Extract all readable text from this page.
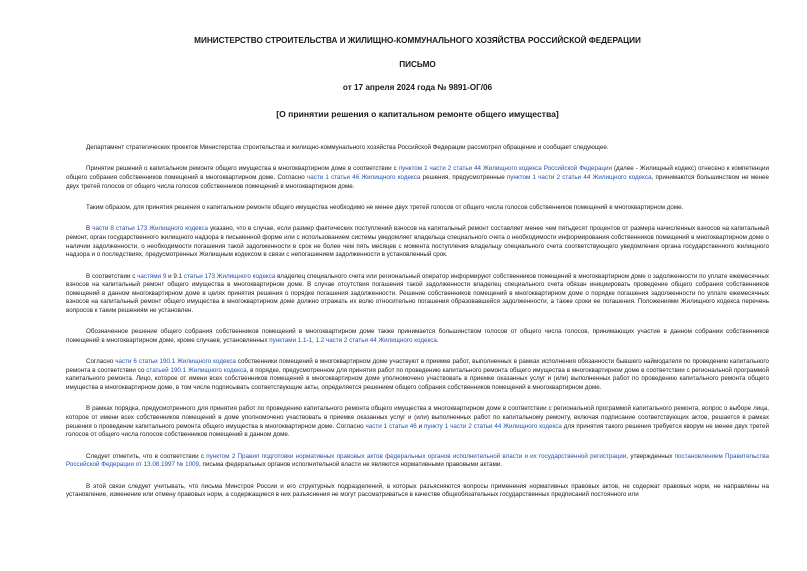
МИНИСТЕРСТВО СТРОИТЕЛЬСТВА И ЖИЛИЩНО-КОММУНАЛЬНОГО ХОЗЯЙСТВА РОССИЙСКОЙ ФЕДЕРАЦИИ

ПИСЬМО

от 17 апреля 2024 года № 9891-ОГ/06

[О принятии решения о капитальном ремонте общего имущества]

Департамент стратегических проектов Министерства строительства и жилищно-коммунального хозяйства Российской Федерации рассмотрел обращение и сообщает следующее.

Принятие решений о капитальном ремонте общего имущества в многоквартирном доме в соответствии с пунктом 1 части 2 статьи 44 Жилищного кодекса Российской Федерации (далее - Жилищный кодекс) отнесено к компетенции общего собрания собственников помещений в многоквартирном доме. Согласно части 1 статьи 46 Жилищного кодекса решения, предусмотренные пунктом 1 части 2 статьи 44 Жилищного кодекса, принимаются большинством не менее двух третей голосов от общего числа голосов собственников помещений в многоквартирном доме.

Таким образом, для принятия решения о капитальном ремонте общего имущества необходимо не менее двух третей голосов от общего числа голосов собственников помещений в многоквартирном доме.

В части 8 статьи 173 Жилищного кодекса указано, что в случае, если размер фактических поступлений взносов на капитальный ремонт составляет менее чем пятьдесят процентов от размера начисленных взносов на капитальный ремонт, орган государственного жилищного надзора в письменной форме или с использованием системы уведомляет владельца специального счета о необходимости информирования собственников помещений в многоквартирном доме о наличии задолженности, о необходимости погашения такой задолженности в срок не более чем пять месяцев с момента поступления владельцу специального счета соответствующего уведомления органа государственного жилищного надзора и о последствиях, предусмотренных Жилищным кодексом в связи с непогашением задолженности в установленный срок.

В соответствии с частями 9 и 9.1 статьи 173 Жилищного кодекса владелец специального счета или региональный оператор информируют собственников помещений в многоквартирном доме о задолженности по уплате ежемесячных взносов на капитальный ремонт общего имущества в многоквартирном доме. В случае отсутствия погашения такой задолженности владелец специального счета обязан инициировать проведение общего собрания собственников помещений в данном многоквартирном доме в целях принятия решения о порядке погашения задолженности. Решение собственников помещений в многоквартирном доме о порядке погашения задолженности по уплате ежемесячных взносов на капитальный ремонт общего имущества в многоквартирном доме должно отражать их волю относительно погашения образовавшейся задолженности, а также сроки ее погашения. Положениями Жилищного кодекса перечень вопросов к таким решениям не установлен.

Обозначенное решение общего собрания собственников помещений в многоквартирном доме также принимается большинством голосов от общего числа голосов, принимающих участие в данном собрании собственников помещений в многоквартирном доме, кроме случаев, установленных пунктами 1.1-1, 1.2 части 2 статьи 44 Жилищного кодекса.

Согласно части 6 статьи 190.1 Жилищного кодекса собственники помещений в многоквартирном доме участвуют в приемке работ, выполненных в рамках исполнения обязанности бывшего наймодателя по проведению капитального ремонта в соответствии со статьей 190.1 Жилищного кодекса, в порядке, предусмотренном для принятия работ по проведению капитального ремонта общего имущества в многоквартирном доме в соответствии с региональной программой капитального ремонта. Лицо, которое от имени всех собственников помещений в многоквартирном доме уполномочено участвовать в приемке оказанных услуг и (или) выполненных работ по проведению капитального ремонта общего имущества в многоквартирном доме, в том числе подписывать соответствующие акты, определяется решением общего собрания собственников помещений в многоквартирном доме.

В рамках порядка, предусмотренного для принятия работ по проведению капитального ремонта общего имущества в многоквартирном доме в соответствии с региональной программой капитального ремонта, вопрос о выборе лица, которое от имени всех собственников помещений в доме уполномочено участвовать в приемке оказанных услуг и (или) выполненных работ по капитальному ремонту, включая подписание соответствующих актов, решается в рамках решения о проведении капитального ремонта общего имущества в многоквартирном доме. Согласно части 1 статьи 46 и пункту 1 части 2 статьи 44 Жилищного кодекса для принятия такого решения требуется кворум не менее двух третей голосов от общего числа голосов собственников помещений в данном доме.

Следует отметить, что в соответствии с пунктом 2 Правил подготовки нормативных правовых актов федеральных органов исполнительной власти и их государственной регистрации, утвержденных постановлением Правительства Российской Федерации от 13.08.1997 № 1009, письма федеральных органов исполнительной власти не являются нормативными правовыми актами.

В этой связи следует учитывать, что письма Минстроя России и его структурных подразделений, в которых разъясняются вопросы применения нормативных правовых актов, не содержат правовых норм, не направлены на установление, изменение или отмену правовых норм, а содержащиеся в них разъяснения не могут рассматриваться в качестве общеобязательных государственных предписаний постоянного или
